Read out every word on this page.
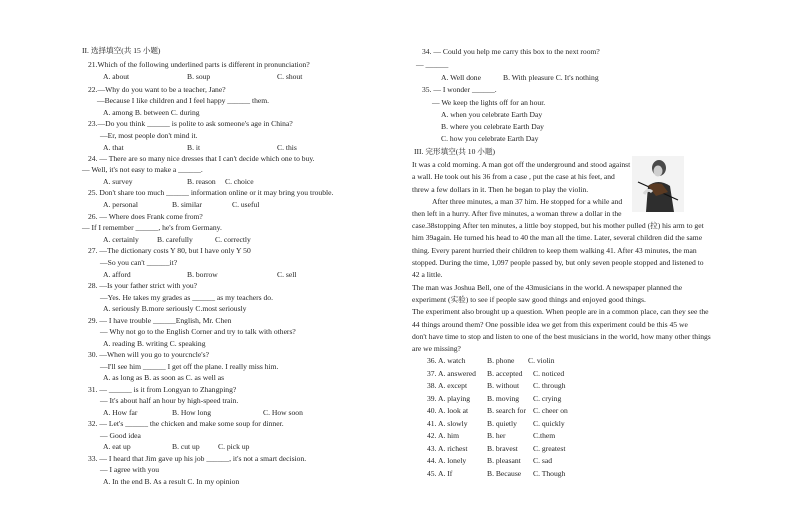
II. 选择填空(共 15 小题)
21.Which of the following underlined parts is different in pronunciation?
A. about	B. soup	C. shout
22.—Why do you want to be a teacher, Jane?
—Because I like children and I feel happy ______ them.
A. among B. between C. during
23.—Do you think ______ is polite to ask someone's age in China?
—Er, most people don't mind it.
A. that	B. it	C. this
24. — There are so many nice dresses that I can't decide which one to buy.
— Well, it's not easy to make a ______.
A. survey	B. reason C. choice
25. Don't share too much ______ information online or it may bring you trouble.
A. personal	B. similar	C. useful
26. — Where does Frank come from?
— If I remember ______, he's from Germany.
A. certainly B. carefully	C. correctly
27. —The dictionary costs Y 80, but I have only Y 50
—So you can't ______it?
A. afford	B. borrow	C. sell
28. —Is your father strict with you?
—Yes. He takes my grades as ______ as my teachers do.
A. seriously B.more seriously C.most seriously
29. — I have trouble ______English, Mr. Chen
— Why not go to the English Corner and try to talk with others?
A. reading B. writing C. speaking
30. —When will you go to yourcncle's?
—I'll see him ______ I get off the plane. I really miss him.
A. as long as B. as soon as C. as well as
31. — ______ is it from Longyan to Zhangping?
— It's about half an hour by high-speed train.
A. How far	B. How long	C. How soon
32. — Let's ______ the chicken and make some soup for dinner.
— Good idea
A. eat up	B. cut up C. pick up
33. — I heard that Jim gave up his job ______, it's not a smart decision.
— I agree with you
A. In the end B. As a result C. In my opinion
34. — Could you help me carry this box to the next room?
— ______
A. Well done	B. With pleasure C. It's nothing
35. — I wonder ______.
— We keep the lights off for an hour.
A. when you celebrate Earth Day
B. where you celebrate Earth Day
C. how you celebrate Earth Day
III. 完形填空(共 10 小题)
It was a cold morning. A man got off the underground and stood against
a wall. He took out his 36 from a case , put the case at his feet, and
threw a few dollars in it. Then he began to play the violin.
After three minutes, a man 37 him. He stopped for a while and
then left in a hurry. After five minutes, a woman threw a dollar in the
case.38stopping After ten minutes, a little boy stopped, but his mother pulled (拉) his arm to get
him 39again. He turned his head to 40 the man all the time. Later, several children did the same
thing. Every parent hurried their children to keep them walking 41. After 43 minutes, the man
stopped. During the time, 1,097 people passed by, but only seven people stopped and listened to
42 a little.
The man was Joshua Bell, one of the 43musicians in the world. A newspaper planned the
experiment (实验) to see if people saw good things and enjoyed good things.
The experiment also brought up a question. When people are in a common place, can they see the
44 things around them? One possible idea we get from this experiment could be this 45 we
don't have time to stop and listen to one of the best musicians in the world, how many other things
are we missing?
36. A. watch	B. phone C. violin
37. A. answered B. accepted C. noticed
38. A. except	B. without C. through
39. A. playing B. moving C. crying
40. A. look at B. search for C. cheer on
41. A. slowly	B. quietly C. quickly
42. A. him	B. her	C.them
43. A. richest	B. bravest C. greatest
44. A. lonely	B. pleasant C. sad
45. A. If	B. Because C. Though
